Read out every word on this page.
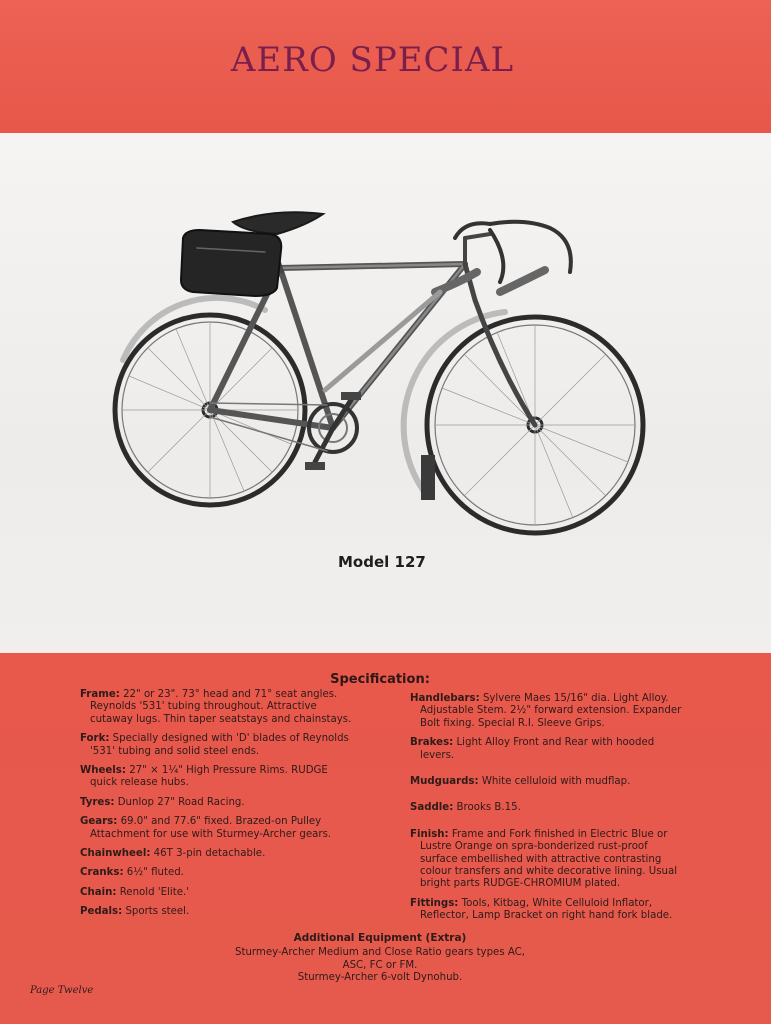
AERO SPECIAL
Model 127
Specification:
Frame: 22" or 23". 73° head and 71° seat angles. Reynolds '531' tubing throughout. Attractive cutaway lugs. Thin taper seatstays and chainstays.
Fork: Specially designed with 'D' blades of Reynolds '531' tubing and solid steel ends.
Wheels: 27" × 1¼" High Pressure Rims. RUDGE quick release hubs.
Tyres: Dunlop 27" Road Racing.
Gears: 69.0" and 77.6" fixed. Brazed-on Pulley Attachment for use with Sturmey-Archer gears.
Chainwheel: 46T 3-pin detachable.
Cranks: 6½" fluted.
Chain: Renold 'Elite.'
Pedals: Sports steel.
Handlebars: Sylvere Maes 15/16" dia. Light Alloy. Adjustable Stem. 2½" forward extension. Expander Bolt fixing. Special R.I. Sleeve Grips.
Brakes: Light Alloy Front and Rear with hooded levers.
Mudguards: White celluloid with mudflap.
Saddle: Brooks B.15.
Finish: Frame and Fork finished in Electric Blue or Lustre Orange on spra-bonderized rust-proof surface embellished with attractive contrasting colour transfers and white decorative lining. Usual bright parts RUDGE-CHROMIUM plated.
Fittings: Tools, Kitbag, White Celluloid Inflator, Reflector, Lamp Bracket on right hand fork blade.
Additional Equipment (Extra)
Sturmey-Archer Medium and Close Ratio gears types AC, ASC, FC or FM.
Sturmey-Archer 6-volt Dynohub.
Page Twelve
